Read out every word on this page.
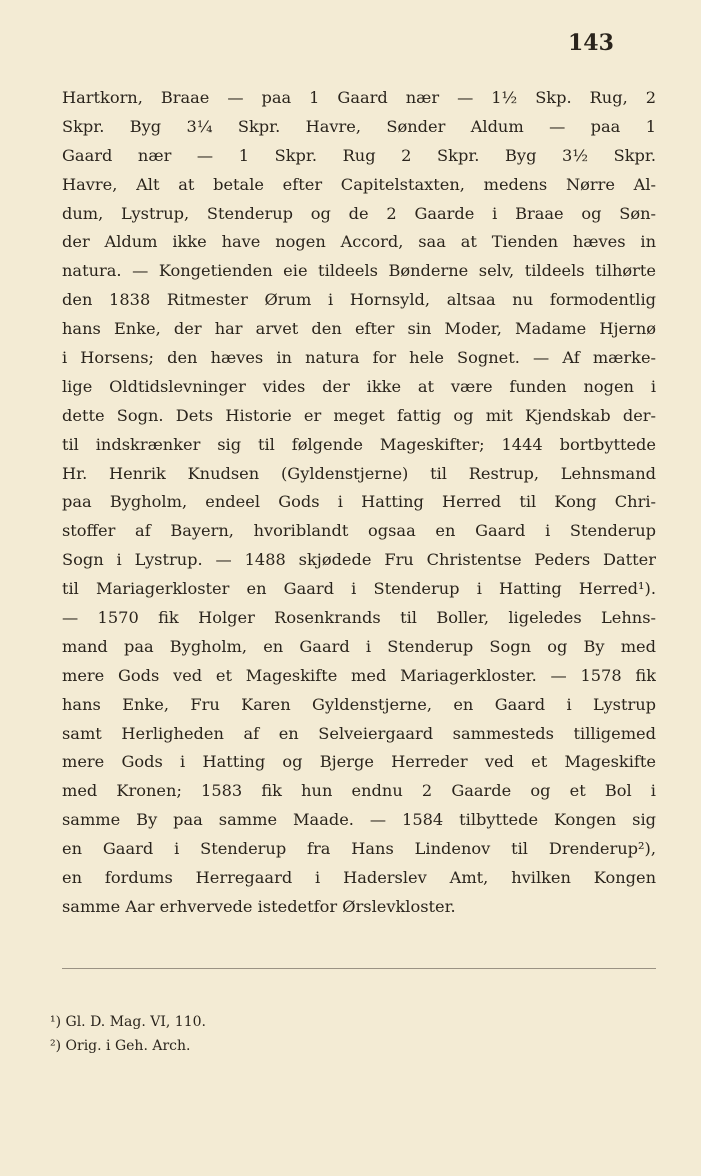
143
Hartkorn, Braae — paa 1 Gaard nær — 1½ Skp. Rug, 2
Skpr. Byg 3¼ Skpr. Havre, Sønder Aldum — paa 1
Gaard nær — 1 Skpr. Rug 2 Skpr. Byg 3½ Skpr.
Havre, Alt at betale efter Capitelstaxten, medens Nørre Al-
dum, Lystrup, Stenderup og de 2 Gaarde i Braae og Søn-
der Aldum ikke have nogen Accord, saa at Tienden hæves in
natura. — Kongetienden eie tildeels Bønderne selv, tildeels tilhørte
den 1838 Ritmester Ørum i Hornsyld, altsaa nu formodentlig
hans Enke, der har arvet den efter sin Moder, Madame Hjernø
i Horsens; den hæves in natura for hele Sognet. — Af mærke-
lige Oldtidslevninger vides der ikke at være funden nogen i
dette Sogn. Dets Historie er meget fattig og mit Kjendskab der-
til indskrænker sig til følgende Mageskifter; 1444 bortbyttede
Hr. Henrik Knudsen (Gyldenstjerne) til Restrup, Lehnsmand
paa Bygholm, endeel Gods i Hatting Herred til Kong Chri-
stoffer af Bayern, hvoriblandt ogsaa en Gaard i Stenderup
Sogn i Lystrup. — 1488 skjødede Fru Christentse Peders Datter
til Mariagerkloster en Gaard i Stenderup i Hatting Herred¹).
— 1570 fik Holger Rosenkrands til Boller, ligeledes Lehns-
mand paa Bygholm, en Gaard i Stenderup Sogn og By med
mere Gods ved et Mageskifte med Mariagerkloster. — 1578 fik
hans Enke, Fru Karen Gyldenstjerne, en Gaard i Lystrup
samt Herligheden af en Selveiergaard sammesteds tilligemed
mere Gods i Hatting og Bjerge Herreder ved et Mageskifte
med Kronen; 1583 fik hun endnu 2 Gaarde og et Bol i
samme By paa samme Maade. — 1584 tilbyttede Kongen sig
en Gaard i Stenderup fra Hans Lindenov til Drenderup²),
en fordums Herregaard i Haderslev Amt, hvilken Kongen
samme Aar erhvervede istedetfor Ørslevkloster.
¹) Gl. D. Mag. VI, 110.
²) Orig. i Geh. Arch.
